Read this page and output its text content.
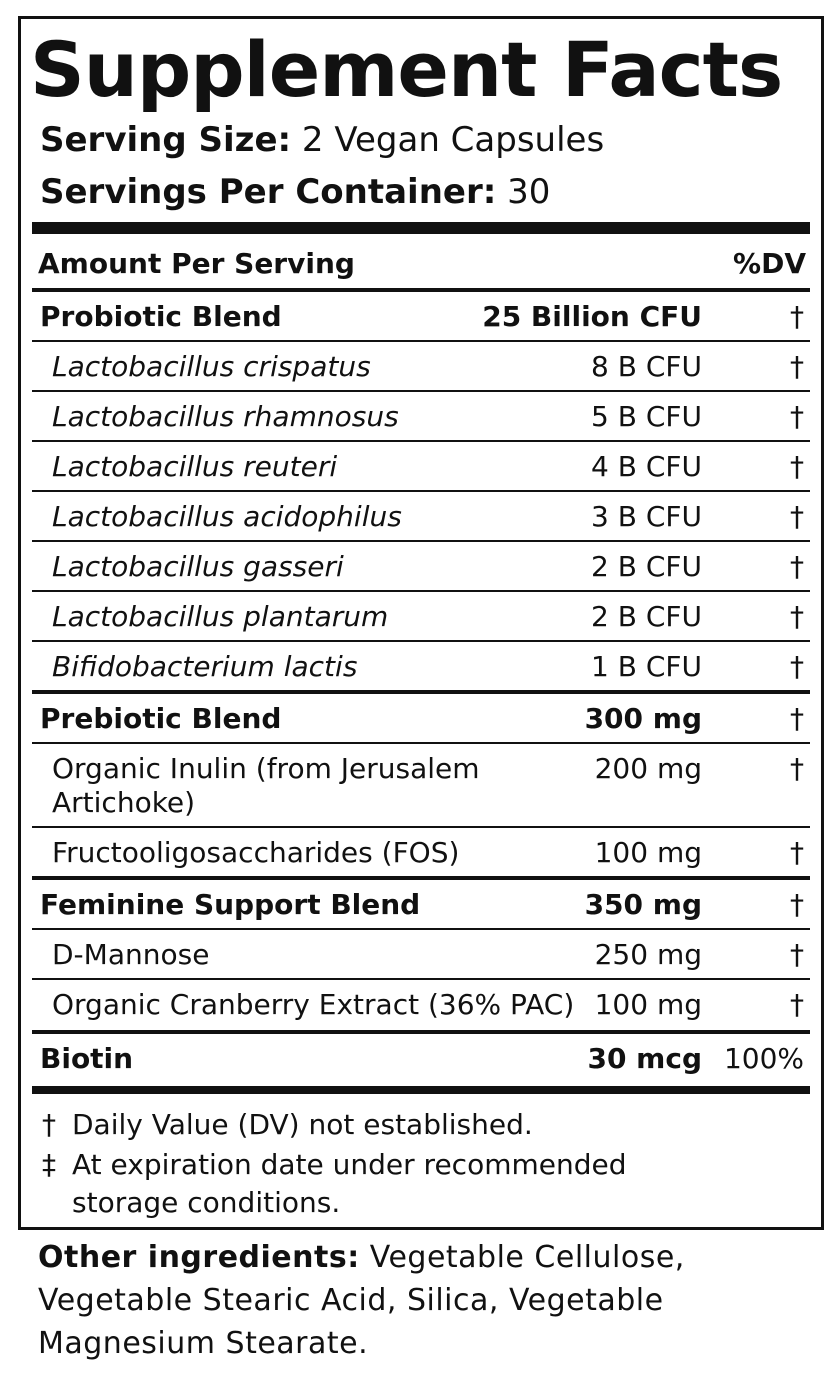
Supplement Facts
Serving Size: 2 Vegan Capsules
Servings Per Container: 30
Amount Per Serving	%DV
Probiotic Blend	25 Billion CFU	†
Lactobacillus crispatus	8 B CFU	†
Lactobacillus rhamnosus	5 B CFU	†
Lactobacillus reuteri	4 B CFU	†
Lactobacillus acidophilus	3 B CFU	†
Lactobacillus gasseri	2 B CFU	†
Lactobacillus plantarum	2 B CFU	†
Bifidobacterium lactis	1 B CFU	†
Prebiotic Blend	300 mg	†
Organic Inulin (from Jerusalem
Artichoke)
200 mg	†
Fructooligosaccharides (FOS)	100 mg	†
Feminine Support Blend	350 mg	†
D-Mannose	250 mg	†
Organic Cranberry Extract (36% PAC) 100 mg	†
Biotin	30 mcg 100%
† Daily Value (DV) not established.
‡ At expiration date under recommended
storage conditions.
Other ingredients: Vegetable Cellulose,
Vegetable Stearic Acid, Silica, Vegetable
Magnesium Stearate.
